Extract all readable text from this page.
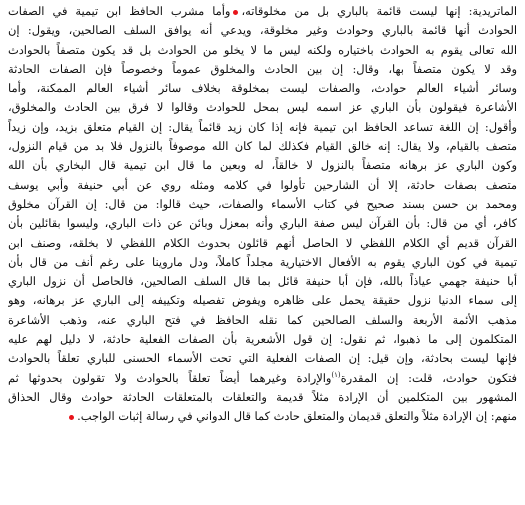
الماتريدية: إنها ليست قائمة بالباري بل من مخلوقاته،وأما مشرب الحافظ ابن تيمية في الصفات
الحوادث أنها قائمة بالباري وحوادث وغير مخلوقة، ويدعي أنه يوافق السلف الصالحين، ويقول: إن
الله تعالى يقوم به الحوادث باختياره ولكنه ليس ما لا يخلو من الحوادث بل قد يكون متصفاً بالحوادث
وقد لا يكون متصفاً بها، وقال: إن بين الحادث والمخلوق عموماً وخصوصاً فإن الصفات الحادثة
وسائر أشياء العالم حوادث، والصفات ليست بمخلوقة بخلاف سائر أشياء العالم الممكنة، وأما
الأشاعرة فيقولون بأن الباري عز اسمه ليس بمحل للحوادث وقالوا لا فرق بين الحادث والمخلوق،
وأقول: إن اللغة تساعد الحافظ ابن تيمية فإنه إذا كان زيد قائماً يقال: إن القيام متعلق بزيد، وإن زيداً
متصف بالقيام، ولا يقال: إنه خالق القيام فكذلك لما كان الله موصوفاً بالنزول فلا بد من قيام النزول،
وكون الباري عز برهانه متصفاً بالنزول لا خالقاً، له وبعين ما قال ابن تيمية قال البخاري بأن الله
متصف بصفات حادثة، إلا أن الشارحين تأولوا في كلامه ومثله روي عن أبي حنيفة وأبي يوسف
ومحمد بن حسن بسند صحيح في كتاب الأسماء والصفات، حيث قالوا: من قال: إن القرآن مخلوق
كافر، أي من قال: بأن القرآن ليس صفة الباري وأنه بمعزل وبائن عن ذات الباري، وليسوا بقائلين بأن
القرآن قديم أي الكلام اللفظي لا الحاصل أنهم قائلون بحدوث الكلام اللفظي لا بخلقه، وصنف ابن
تيمية في كون الباري يقوم به الأفعال الاختيارية مجلداً كاملاً، ودل ماروينا على رغم أنف من قال بأن
أبا حنيفة جهمي عياذاً بالله، فإن أبا حنيفة قائل بما قال السلف الصالحين، فالحاصل أن نزول الباري
إلى سماء الدنيا نزول حقيقة يحمل على ظاهره ويفوض تفصيله وتكييفه إلى الباري عز برهانه، وهو
مذهب الأئمة الأربعة والسلف الصالحين كما نقله الحافظ في فتح الباري عنه، وذهب الأشاعرة
المتكلمون إلى ما ذهبوا، ثم نقول: إن قول الأشعرية بأن الصفات الفعلية حادثة، لا دليل لهم عليه
فإنها ليست بحادثة، وإن قيل: إن الصفات الفعلية التي تحت الأسماء الحسنى للباري تعلقاً بالحوادث
فتكون حوادث، قلت: إن المقدرة$^{(١)}$والإرادة وغيرهما أيضاً تعلقاً بالحوادث ولا تقولون بحدوثها ثم
المشهور بين المتكلمين أن الإرادة مثلاً قديمة والتعلقات بالمتعلقات الحادثة حوادث وقال الحذاق
منهم: إن الإرادة مثلاً والتعلق قديمان والمتعلق حادث كما قال الدواني في رسالة إثبات الواجب.
